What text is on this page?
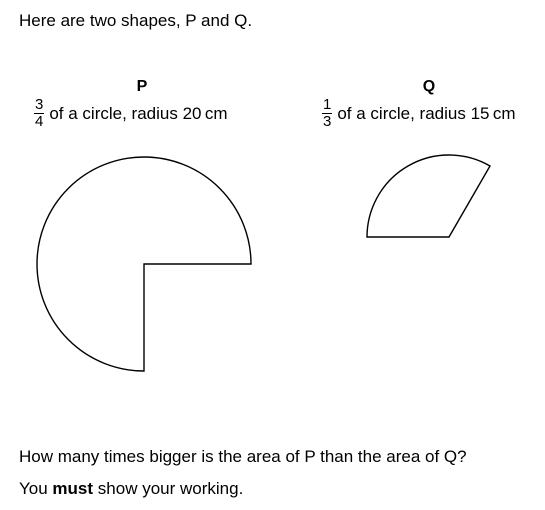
Here are two shapes, P and Q.
P
$\frac{3}{4}$ of a circle, radius 20 cm
Q
$\frac{1}{3}$ of a circle, radius 15 cm
How many times bigger is the area of P than the area of Q?
You must show your working.
